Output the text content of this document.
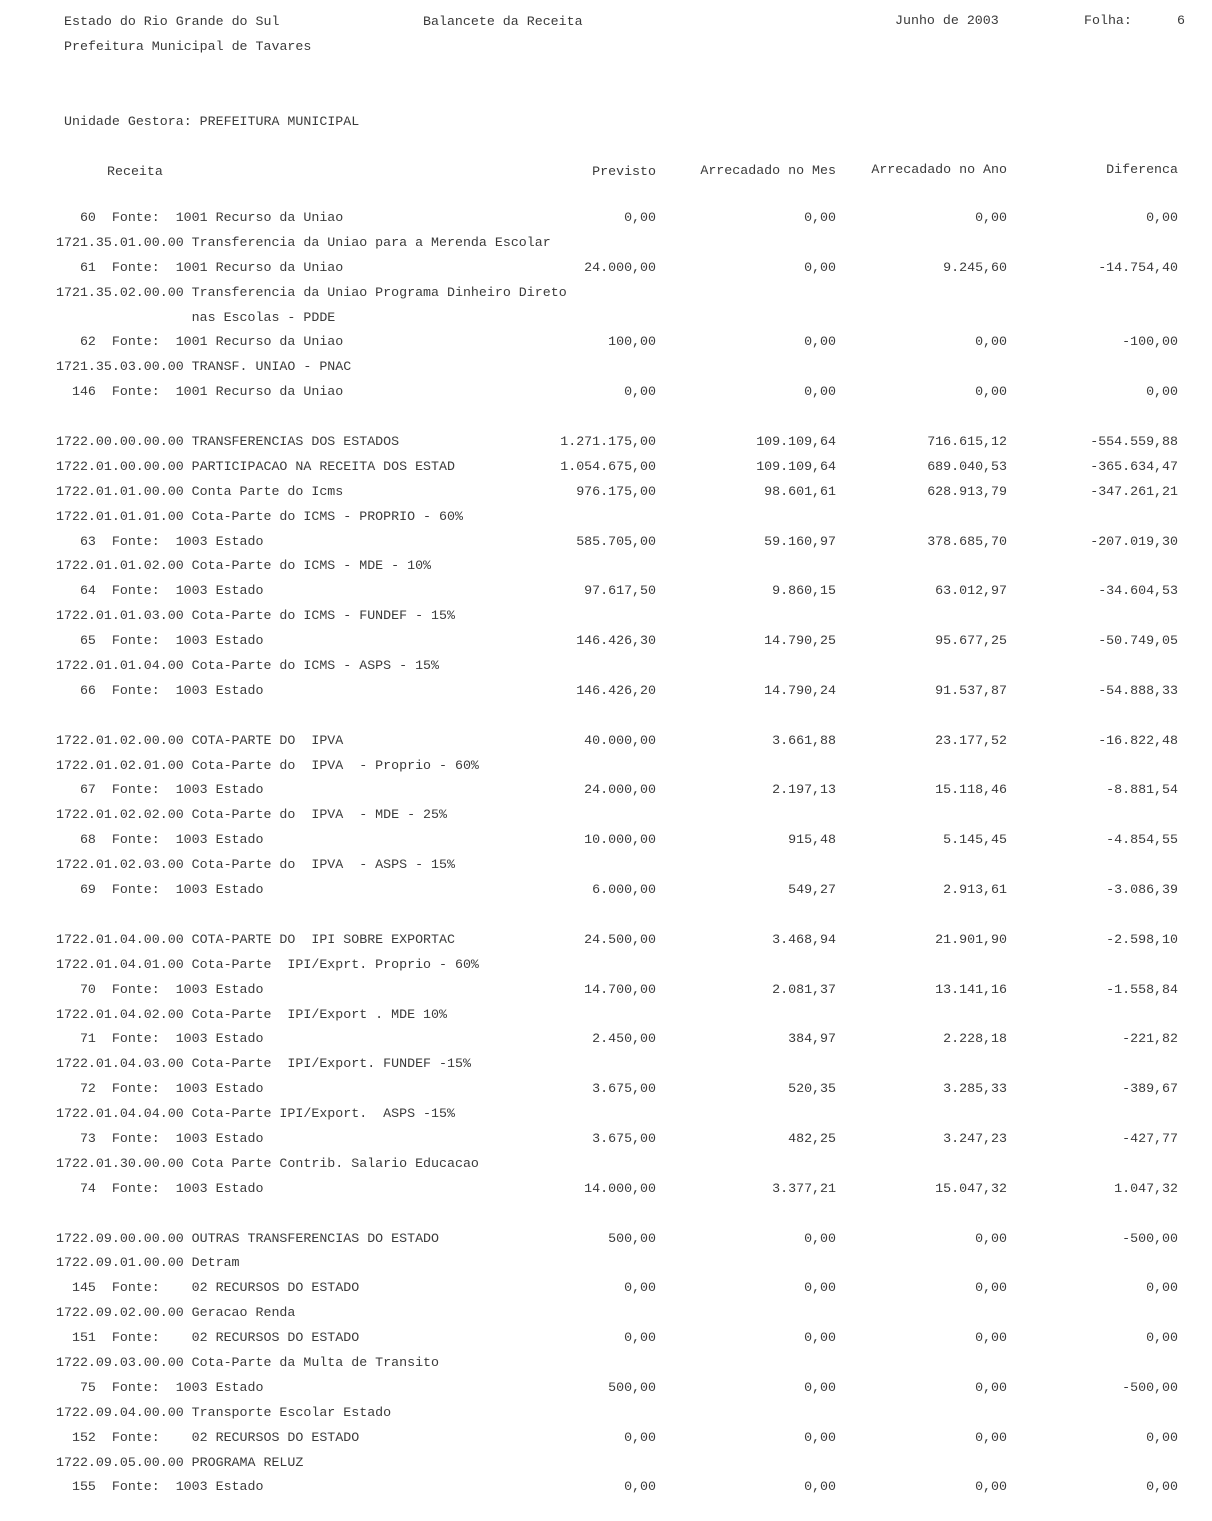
Estado do Rio Grande do Sul
Prefeitura Municipal de Tavares
Balancete da Receita	Junho de 2003	Folha:	6
Unidade Gestora: PREFEITURA MUNICIPAL
Receita	Previsto	Arrecadado no Mes	Arrecadado no Ano	Diferenca
60  Fonte:  1001 Recurso da Uniao	0,00	0,00	0,00	0,00
1721.35.01.00.00 Transferencia da Uniao para a Merenda Escolar
61  Fonte:  1001 Recurso da Uniao	24.000,00	0,00	9.245,60	-14.754,40
1721.35.02.00.00 Transferencia da Uniao Programa Dinheiro Direto
nas Escolas - PDDE
62  Fonte:  1001 Recurso da Uniao	100,00	0,00	0,00	-100,00
1721.35.03.00.00 TRANSF. UNIAO - PNAC
146  Fonte:  1001 Recurso da Uniao	0,00	0,00	0,00	0,00
1722.00.00.00.00 TRANSFERENCIAS DOS ESTADOS	1.271.175,00	109.109,64	716.615,12	-554.559,88
1722.01.00.00.00 PARTICIPACAO NA RECEITA DOS ESTAD	1.054.675,00	109.109,64	689.040,53	-365.634,47
1722.01.01.00.00 Conta Parte do Icms	976.175,00	98.601,61	628.913,79	-347.261,21
1722.01.01.01.00 Cota-Parte do ICMS - PROPRIO - 60%
63  Fonte:  1003 Estado	585.705,00	59.160,97	378.685,70	-207.019,30
1722.01.01.02.00 Cota-Parte do ICMS - MDE - 10%
64  Fonte:  1003 Estado	97.617,50	9.860,15	63.012,97	-34.604,53
1722.01.01.03.00 Cota-Parte do ICMS - FUNDEF - 15%
65  Fonte:  1003 Estado	146.426,30	14.790,25	95.677,25	-50.749,05
1722.01.01.04.00 Cota-Parte do ICMS - ASPS - 15%
66  Fonte:  1003 Estado	146.426,20	14.790,24	91.537,87	-54.888,33
1722.01.02.00.00 COTA-PARTE DO  IPVA	40.000,00	3.661,88	23.177,52	-16.822,48
1722.01.02.01.00 Cota-Parte do  IPVA  - Proprio - 60%
67  Fonte:  1003 Estado	24.000,00	2.197,13	15.118,46	-8.881,54
1722.01.02.02.00 Cota-Parte do  IPVA  - MDE - 25%
68  Fonte:  1003 Estado	10.000,00	915,48	5.145,45	-4.854,55
1722.01.02.03.00 Cota-Parte do  IPVA  - ASPS - 15%
69  Fonte:  1003 Estado	6.000,00	549,27	2.913,61	-3.086,39
1722.01.04.00.00 COTA-PARTE DO  IPI SOBRE EXPORTAC	24.500,00	3.468,94	21.901,90	-2.598,10
1722.01.04.01.00 Cota-Parte  IPI/Exprt. Proprio - 60%
70  Fonte:  1003 Estado	14.700,00	2.081,37	13.141,16	-1.558,84
1722.01.04.02.00 Cota-Parte  IPI/Export . MDE 10%
71  Fonte:  1003 Estado	2.450,00	384,97	2.228,18	-221,82
1722.01.04.03.00 Cota-Parte  IPI/Export. FUNDEF -15%
72  Fonte:  1003 Estado	3.675,00	520,35	3.285,33	-389,67
1722.01.04.04.00 Cota-Parte IPI/Export.  ASPS -15%
73  Fonte:  1003 Estado	3.675,00	482,25	3.247,23	-427,77
1722.01.30.00.00 Cota Parte Contrib. Salario Educacao
74  Fonte:  1003 Estado	14.000,00	3.377,21	15.047,32	1.047,32
1722.09.00.00.00 OUTRAS TRANSFERENCIAS DO ESTADO	500,00	0,00	0,00	-500,00
1722.09.01.00.00 Detram
145  Fonte:    02 RECURSOS DO ESTADO	0,00	0,00	0,00	0,00
1722.09.02.00.00 Geracao Renda
151  Fonte:    02 RECURSOS DO ESTADO	0,00	0,00	0,00	0,00
1722.09.03.00.00 Cota-Parte da Multa de Transito
75  Fonte:  1003 Estado	500,00	0,00	0,00	-500,00
1722.09.04.00.00 Transporte Escolar Estado
152  Fonte:    02 RECURSOS DO ESTADO	0,00	0,00	0,00	0,00
1722.09.05.00.00 PROGRAMA RELUZ
155  Fonte:  1003 Estado	0,00	0,00	0,00	0,00
